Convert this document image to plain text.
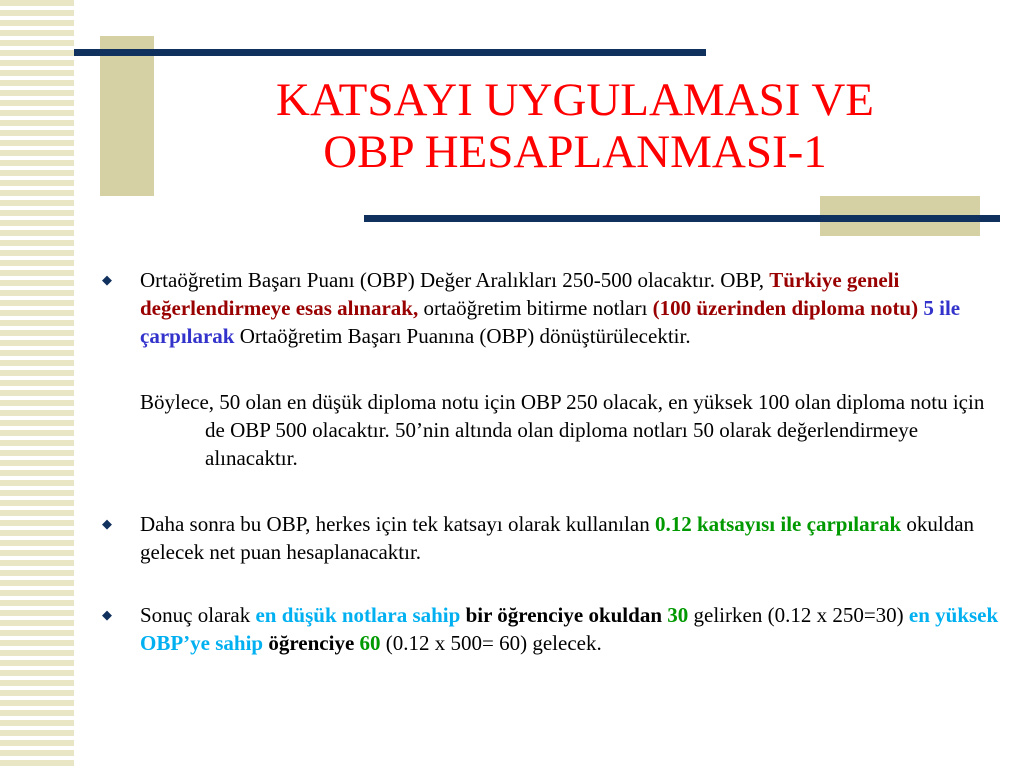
KATSAYI UYGULAMASI VE
OBP HESAPLANMASI-1

◆ Ortaöğretim Başarı Puanı (OBP) Değer Aralıkları 250-500 olacaktır. OBP, Türkiye geneli değerlendirmeye esas alınarak, ortaöğretim bitirme notları (100 üzerinden diploma notu) 5 ile çarpılarak Ortaöğretim Başarı Puanına (OBP) dönüştürülecektir.

Böylece, 50 olan en düşük diploma notu için OBP 250 olacak, en yüksek 100 olan diploma notu için de OBP 500 olacaktır. 50’nin altında olan diploma notları 50 olarak değerlendirmeye alınacaktır.

◆ Daha sonra bu OBP, herkes için tek katsayı olarak kullanılan 0.12 katsayısı ile çarpılarak okuldan gelecek net puan hesaplanacaktır.

◆ Sonuç olarak en düşük notlara sahip bir öğrenciye okuldan 30 gelirken (0.12 x 250=30) en yüksek OBP’ye sahip öğrenciye 60 (0.12 x 500= 60) gelecek.
